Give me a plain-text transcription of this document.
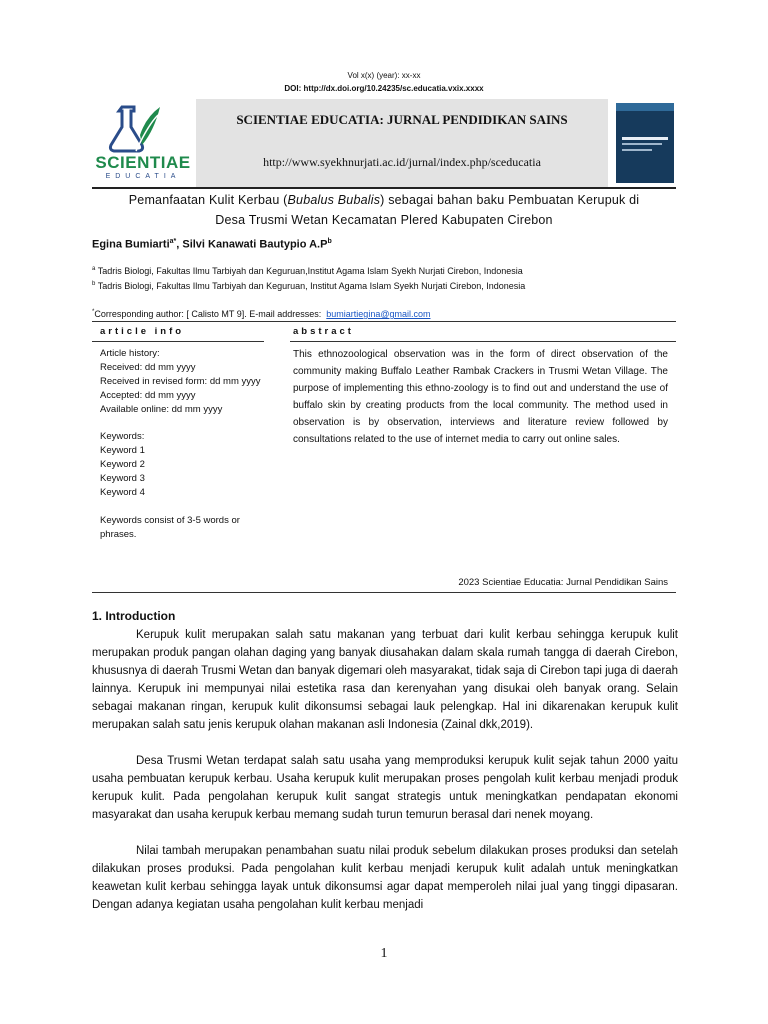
Vol x(x) (year): xx-xx
DOI: http://dx.doi.org/10.24235/sc.educatia.vxix.xxxx
SCIENTIAE
EDUCATIA
SCIENTIAE EDUCATIA: JURNAL PENDIDIKAN SAINS
http://www.syekhnurjati.ac.id/jurnal/index.php/sceducatia
Pemanfaatan Kulit Kerbau (Bubalus Bubalis) sebagai bahan baku Pembuatan Kerupuk di
Desa Trusmi Wetan Kecamatan Plered Kabupaten Cirebon
Egina Bumiarti$^{a*}$, Silvi Kanawati Bautypio $A.P^b$
$^a$ Tadris Biologi, Fakultas Ilmu Tarbiyah dan Keguruan,Institut Agama Islam Syekh Nurjati Cirebon, Indonesia
$^b$ Tadris Biologi, Fakultas Ilmu Tarbiyah dan Keguruan, Institut Agama Islam Syekh Nurjati Cirebon, Indonesia
*Corresponding author: [ Calisto MT 9]. E-mail addresses: bumiartiegina@gmail.com
article info	abstract
Article history:
Received: dd mm yyyy
Received in revised form: dd mm yyyy
Accepted: dd mm yyyy
Available online: dd mm yyyy
Keywords:
Keyword 1
Keyword 2
Keyword 3
Keyword 4
Keywords consist of 3-5 words or phrases.
This ethnozoological observation was in the form of direct observation of the community making Buffalo Leather Rambak Crackers in Trusmi Wetan Village. The purpose of implementing this ethno-zoology is to find out and understand the use of buffalo skin by creating products from the local community. The method used in observation is by observation, interviews and literature review followed by consultations related to the use of internet media to carry out online sales.
2023 Scientiae Educatia: Jurnal Pendidikan Sains
1. Introduction

Kerupuk kulit merupakan salah satu makanan yang terbuat dari kulit kerbau sehingga kerupuk kulit merupakan produk pangan olahan daging yang banyak diusahakan dalam skala rumah tangga di daerah Cirebon, khususnya di daerah Trusmi Wetan dan banyak digemari oleh masyarakat, tidak saja di Cirebon tapi juga di daerah lainnya. Kerupuk ini mempunyai nilai estetika rasa dan kerenyahan yang disukai oleh banyak orang. Selain sebagai makanan ringan, kerupuk kulit dikonsumsi sebagai lauk pelengkap. Hal ini dikarenakan kerupuk kulit merupakan salah satu jenis kerupuk olahan makanan asli Indonesia (Zainal dkk,2019).

Desa Trusmi Wetan terdapat salah satu usaha yang memproduksi kerupuk kulit sejak tahun 2000 yaitu usaha pembuatan kerupuk kerbau. Usaha kerupuk kulit merupakan proses pengolah kulit kerbau menjadi produk kerupuk kulit. Pada pengolahan kerupuk kulit sangat strategis untuk meningkatkan pendapatan ekonomi masyarakat dan usaha kerupuk kerbau memang sudah turun temurun berasal dari nenek moyang.

Nilai tambah merupakan penambahan suatu nilai produk sebelum dilakukan proses produksi dan setelah dilakukan proses produksi. Pada pengolahan kulit kerbau menjadi kerupuk kulit adalah untuk meningkatkan keawetan kulit kerbau sehingga layak untuk dikonsumsi agar dapat memperoleh nilai jual yang tinggi dipasaran. Dengan adanya kegiatan usaha pengolahan kulit kerbau menjadi

1
